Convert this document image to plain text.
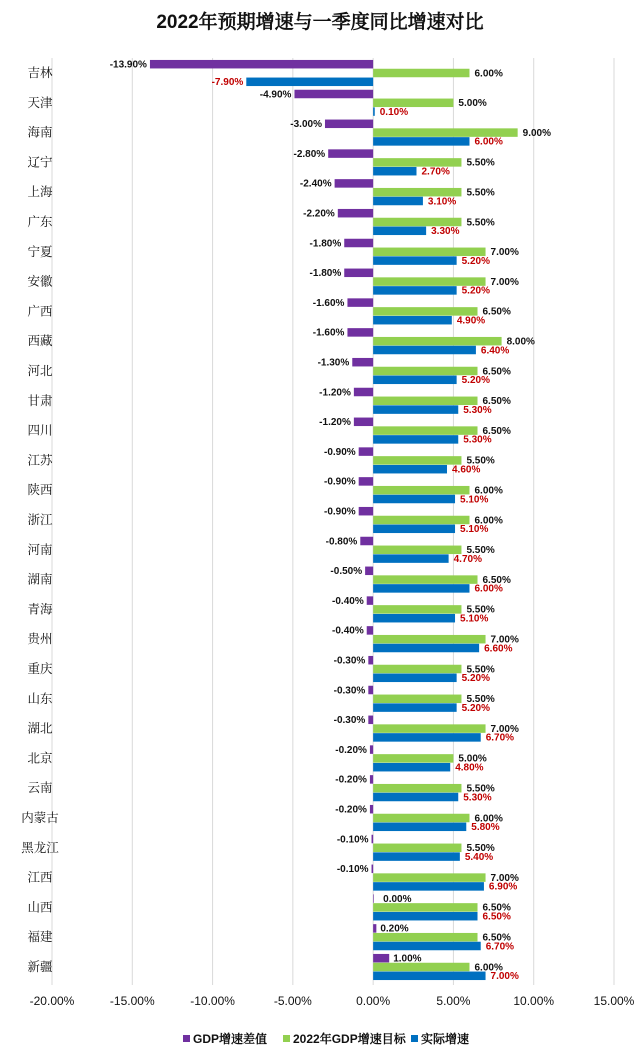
2022年预期增速与一季度同比增速对比
-13.90%
6.00%
-7.90%
-4.90%
5.00%
0.10%
-3.00%
9.00%
6.00%
-2.80%
5.50%
2.70%
-2.40%
5.50%
3.10%
-2.20%
5.50%
3.30%
-1.80%
7.00%
5.20%
-1.80%
7.00%
5.20%
-1.60%
6.50%
4.90%
-1.60%
8.00%
6.40%
-1.30%
6.50%
5.20%
-1.20%
6.50%
5.30%
-1.20%
6.50%
5.30%
-0.90%
5.50%
4.60%
-0.90%
6.00%
5.10%
-0.90%
6.00%
5.10%
-0.80%
5.50%
4.70%
-0.50%
6.50%
6.00%
-0.40%
5.50%
5.10%
-0.40%
7.00%
6.60%
-0.30%
5.50%
5.20%
-0.30%
5.50%
5.20%
-0.30%
7.00%
6.70%
-0.20%
5.00%
4.80%
-0.20%
5.50%
5.30%
-0.20%
6.00%
5.80%
-0.10%
5.50%
5.40%
-0.10%
7.00%
6.90%
0.00%
6.50%
6.50%
0.20%
6.50%
6.70%
1.00%
6.00%
7.00%
吉林
天津
海南
辽宁
上海
广东
宁夏
安徽
广西
西藏
河北
甘肃
四川
江苏
陕西
浙江
河南
湖南
青海
贵州
重庆
山东
湖北
北京
云南
内蒙古
黑龙江
江西
山西
福建
新疆
-20.00%	-15.00%	-10.00%	-5.00%	0.00%	5.00%	10.00%	15.00%
GDP增速差值 2022年GDP增速目标 实际增速
